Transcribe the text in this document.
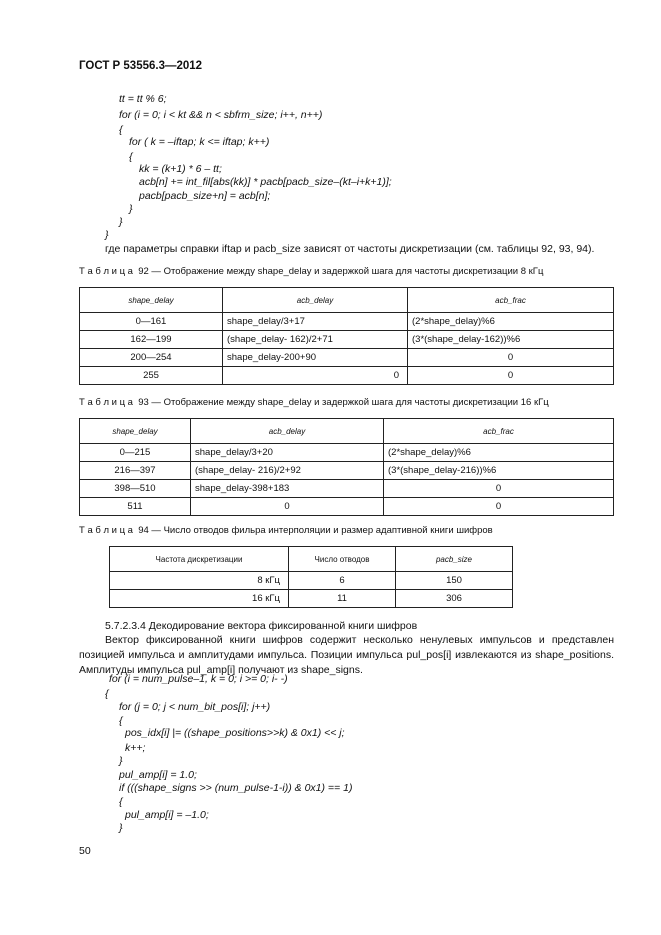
ГОСТ Р 53556.3—2012
tt = tt % 6;
for (i = 0; i < kt && n < sbfrm_size; i++, n++)
{
for ( k = –iftap; k <= iftap; k++)
{
kk = (k+1) * 6 – tt;
acb[n] += int_fil[abs(kk)] * pacb[pacb_size–(kt–i+k+1)];
pacb[pacb_size+n] = acb[n];
}
}
}
где параметры справки iftap и pacb_size зависят от частоты дискретизации (см. таблицы 92, 93, 94).
Т а б л и ц а  92 — Отображение между shape_delay и задержкой шага для частоты дискретизации 8 кГц
shape_delay	acb_delay	acb_frac
0—161	shape_delay/3+17	(2*shape_delay)%6
162—199	(shape_delay- 162)/2+71	(3*(shape_delay-162))%6
200—254	shape_delay-200+90	0
255	0	0
Т а б л и ц а  93 — Отображение между shape_delay и задержкой шага для частоты дискретизации 16 кГц
shape_delay	acb_delay	acb_frac
0—215	shape_delay/3+20	(2*shape_delay)%6
216—397	(shape_delay- 216)/2+92	(3*(shape_delay-216))%6
398—510	shape_delay-398+183	0
511	0	0
Т а б л и ц а  94 — Число отводов фильра интерполяции и размер адаптивной книги шифров
Частота дискретизации	Число отводов	pacb_size
8 кГц	6	150
16 кГц	11	306
5.7.2.3.4 Декодирование вектора фиксированной книги шифров
Вектор фиксированной книги шифров содержит несколько ненулевых импульсов и представлен позицией импульса и амплитудами импульса. Позиции импульса pul_pos[i] извлекаются из shape_positions. Амплитуды импульса pul_amp[i] получают из shape_signs.
for (i = num_pulse–1, k = 0; i >= 0; i- -)
{
for (j = 0; j < num_bit_pos[i]; j++)
{
pos_idx[i] |= ((shape_positions>>k) & 0x1) << j;
k++;
}
pul_amp[i] = 1.0;
if (((shape_signs >> (num_pulse-1-i)) & 0x1) == 1)
{
pul_amp[i] = –1.0;
}
50
